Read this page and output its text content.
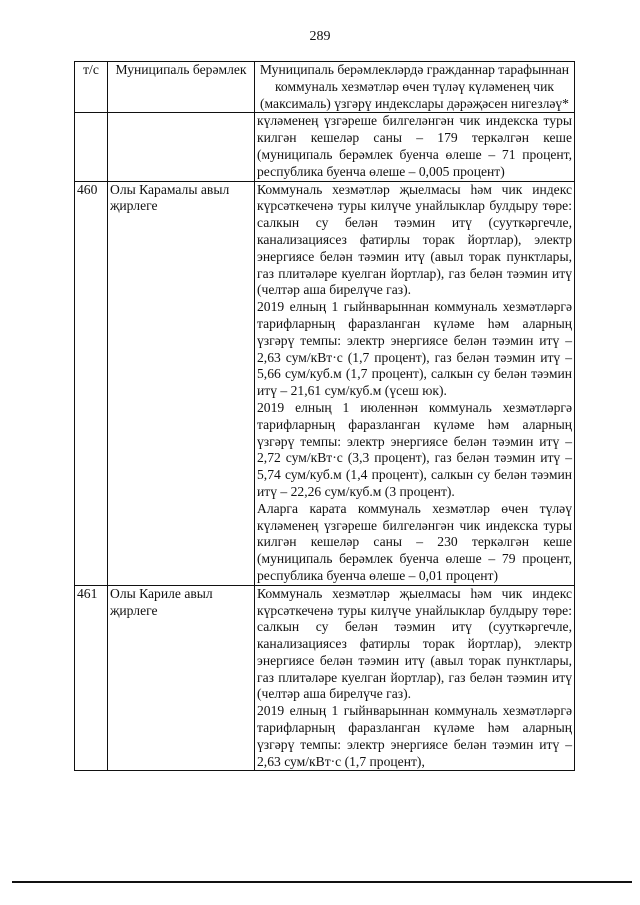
289
т/с	Муниципаль берәмлек	Муниципаль берәмлекләрдә гражданнар тарафыннан коммуналь хезмәтләр өчен түләү күләменең чик (максималь) үзгәрү индекслары дәрәҗәсен нигезләү*
		күләменең үзгәреше билгеләнгән чик индекска туры килгән кешеләр саны – 179 теркәлгән кеше (муниципаль берәмлек буенча өлеше – 71 процент, республика буенча өлеше – 0,005 процент)
460	Олы Карамалы авыл җирлеге	Коммуналь хезмәтләр җыелмасы һәм чик индекс күрсәткеченә туры килүче унайлыклар булдыру төре: салкын су белән тәэмин итү (сууткәргечле, канализациясез фатирлы торак йортлар), электр энергиясе белән тәэмин итү (авыл торак пунктлары, газ плитәләре куелган йортлар), газ белән тәэмин итү (челтәр аша бирелүче газ).

2019 елның 1 гыйнварыннан коммуналь хезмәтләргә тарифларның фаразланган күләме һәм аларның үзгәрү темпы: электр энергиясе белән тәэмин итү – 2,63 сум/кВт·с (1,7 процент), газ белән тәэмин итү – 5,66 сум/куб.м (1,7 процент), салкын су белән тәэмин итү – 21,61 сум/куб.м (үсеш юк).

2019 елның 1 июленнән коммуналь хезмәтләргә тарифларның фаразланган күләме һәм аларның үзгәрү темпы: электр энергиясе белән тәэмин итү – 2,72 сум/кВт·с (3,3 процент), газ белән тәэмин итү – 5,74 сум/куб.м (1,4 процент), салкын су белән тәэмин итү – 22,26 сум/куб.м (3 процент).

Аларга карата коммуналь хезмәтләр өчен түләү күләменең үзгәреше билгеләнгән чик индекска туры килгән кешеләр саны – 230 теркәлгән кеше (муниципаль берәмлек буенча өлеше – 79 процент, республика буенча өлеше – 0,01 процент)

461	Олы Кариле авыл җирлеге	Коммуналь хезмәтләр җыелмасы һәм чик индекс күрсәткеченә туры килүче унайлыклар булдыру төре: салкын су белән тәэмин итү (сууткәргечле, канализациясез фатирлы торак йортлар), электр энергиясе белән тәэмин итү (авыл торак пунктлары, газ плитәләре куелган йортлар), газ белән тәэмин итү (челтәр аша бирелүче газ).

2019 елның 1 гыйнварыннан коммуналь хезмәтләргә тарифларның фаразланган күләме һәм аларның үзгәрү темпы: электр энергиясе белән тәэмин итү – 2,63 сум/кВт·с (1,7 процент),
